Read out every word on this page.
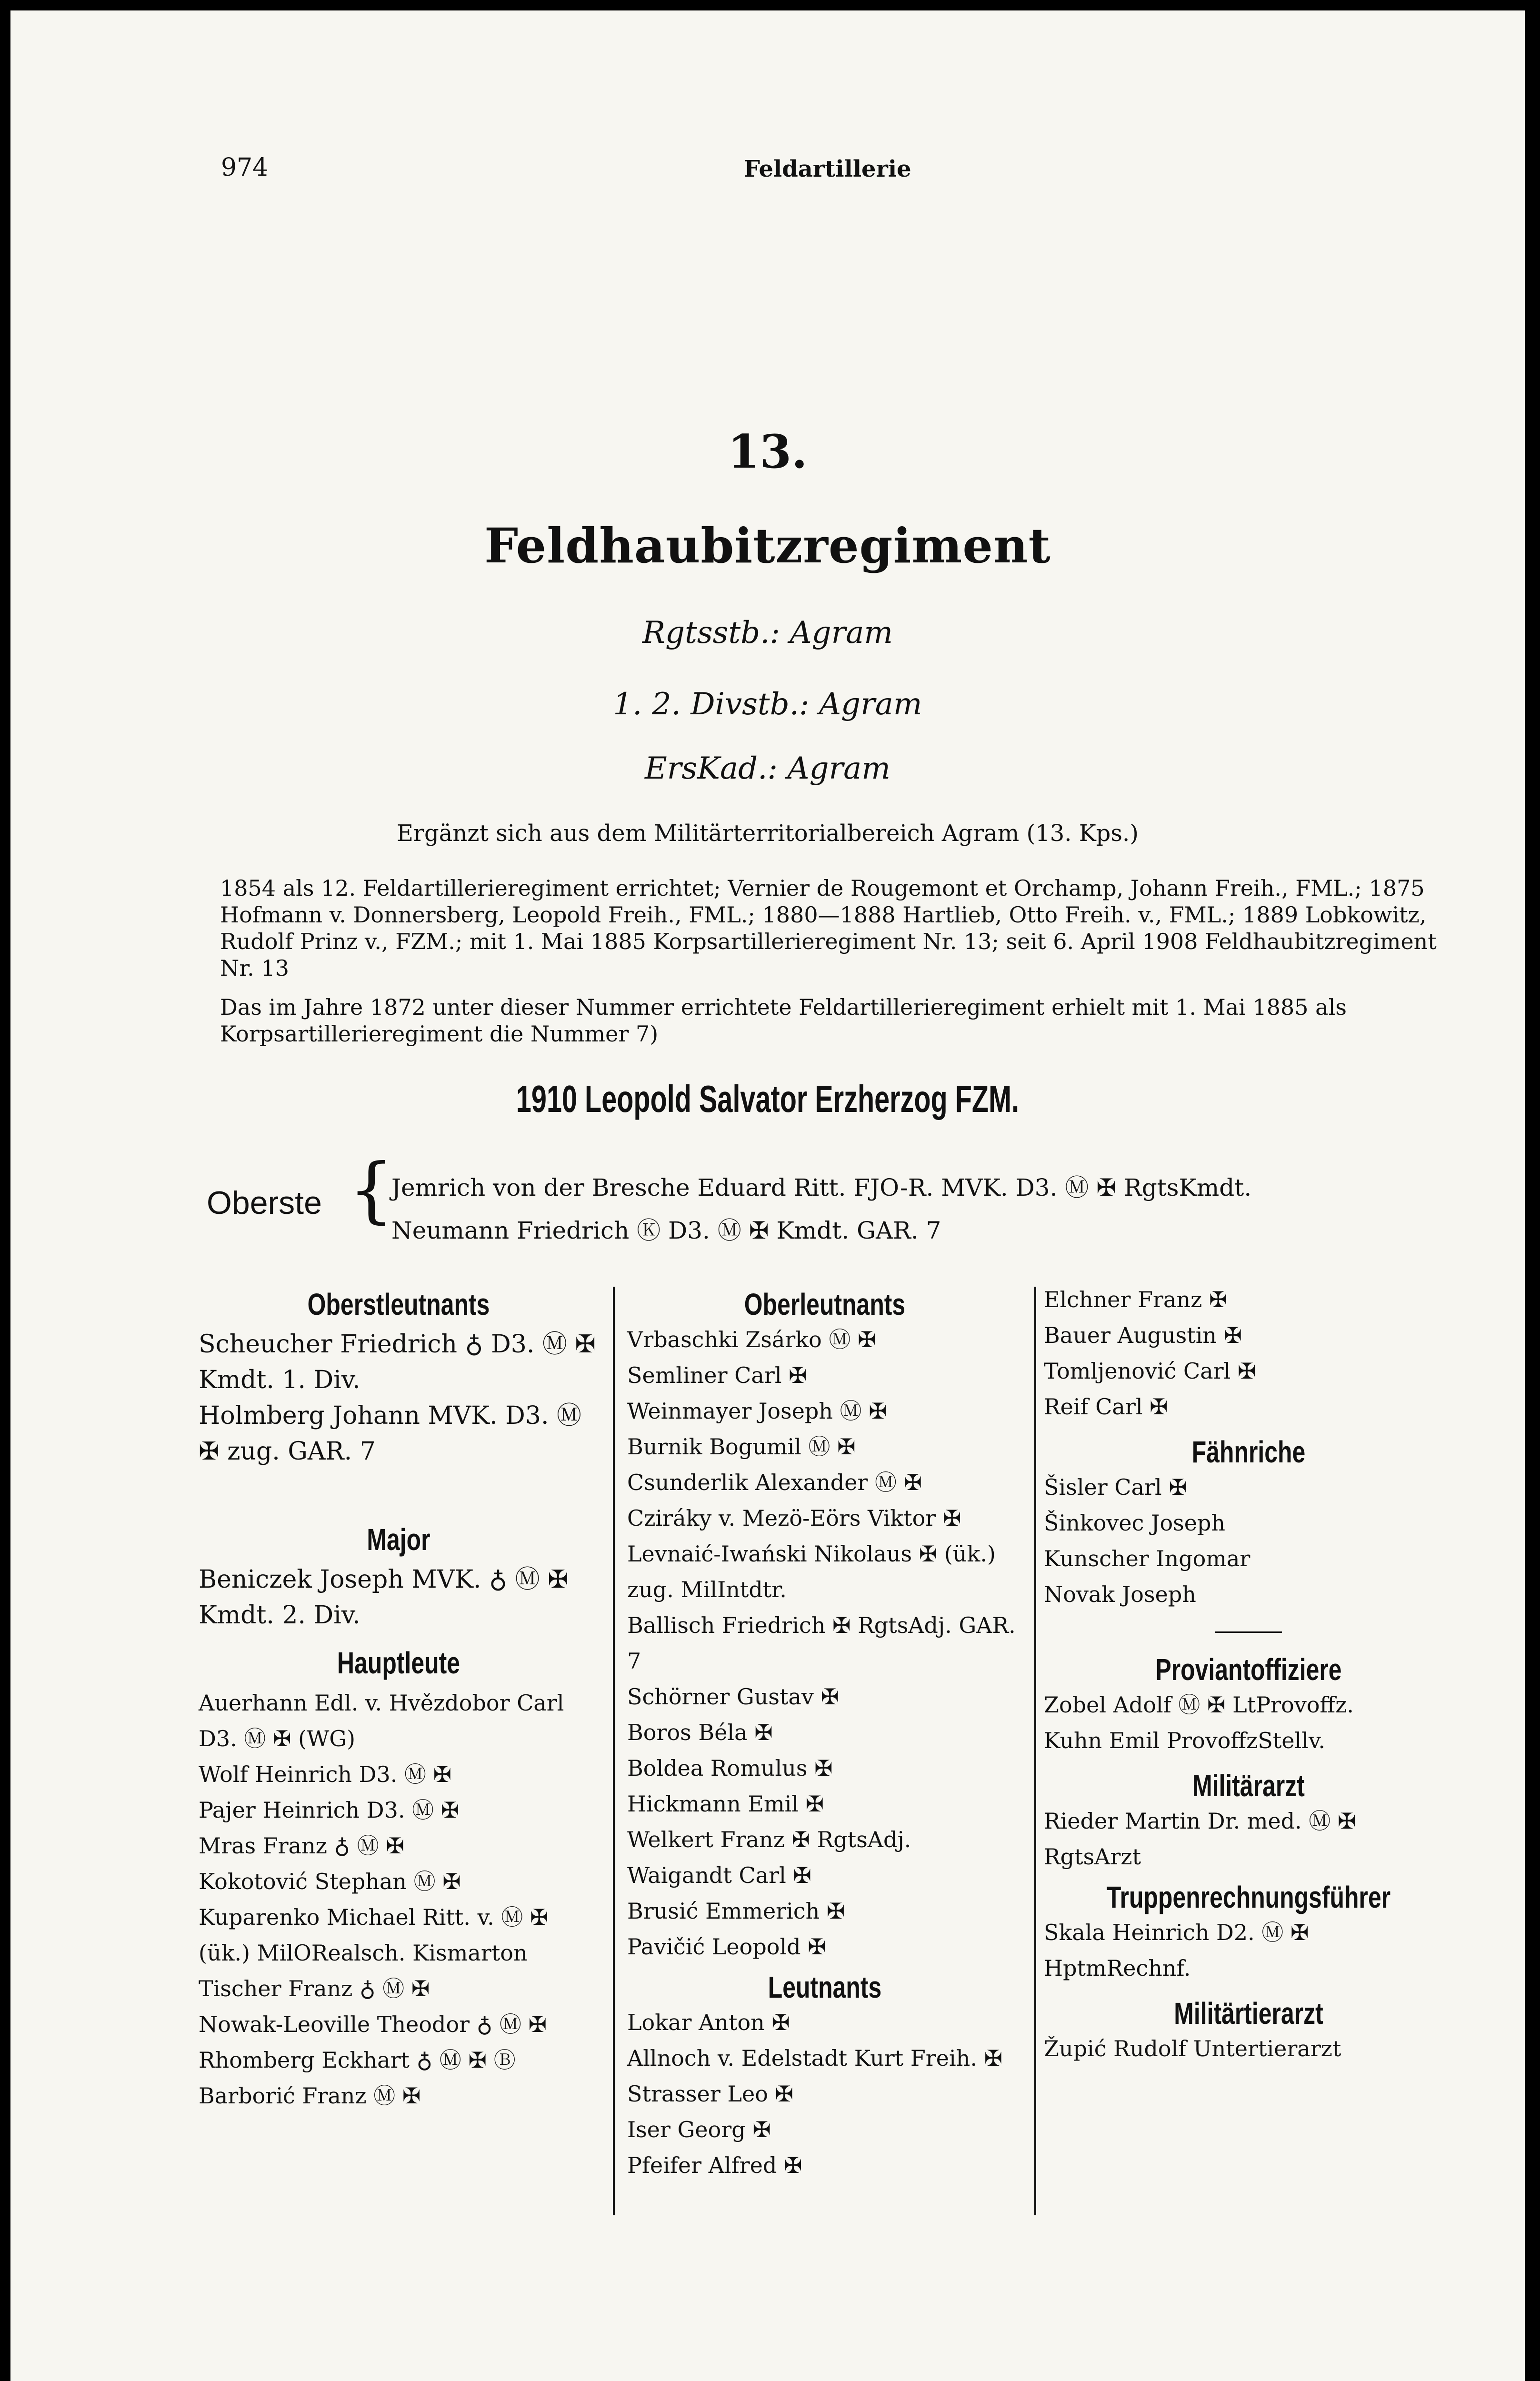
974	Feldartillerie
13.
Feldhaubitzregiment
Rgtsstb.: Agram
1. 2. Divstb.: Agram
ErsKad.: Agram
Ergänzt sich aus dem Militärterritorialbereich Agram (13. Kps.)
1854 als 12. Feldartillerieregiment errichtet; Vernier de Rougemont et Orchamp, Johann Freih., FML.; 1875 Hofmann v. Donnersberg, Leopold Freih., FML.; 1880—1888 Hartlieb, Otto Freih. v., FML.; 1889 Lobkowitz, Rudolf Prinz v., FZM.; mit 1. Mai 1885 Korpsartillerieregiment Nr. 13; seit 6. April 1908 Feldhaubitzregiment Nr. 13
Das im Jahre 1872 unter dieser Nummer errichtete Feldartillerieregiment erhielt mit 1. Mai 1885 als Korpsartillerieregiment die Nummer 7)
1910 Leopold Salvator Erzherzog FZM.
Oberste {
Jemrich von der Bresche Eduard Ritt. FJO-R. MVK. D3. Ⓜ ✠ RgtsKmdt.
Neumann Friedrich Ⓚ D3. Ⓜ ✠ Kmdt. GAR. 7
Oberstleutnants
Scheucher Friedrich ♁ D3. Ⓜ ✠ Kmdt. 1. Div.
Holmberg Johann MVK. D3. Ⓜ ✠ zug. GAR. 7
Major
Beniczek Joseph MVK. ♁ Ⓜ ✠ Kmdt. 2. Div.
Hauptleute
Auerhann Edl. v. Hvězdobor Carl D3. Ⓜ ✠ (WG)
Wolf Heinrich D3. Ⓜ ✠
Pajer Heinrich D3. Ⓜ ✠
Mras Franz ♁ Ⓜ ✠
Kokotović Stephan Ⓜ ✠
Kuparenko Michael Ritt. v. Ⓜ ✠ (ük.) MilORealsch. Kismarton
Tischer Franz ♁ Ⓜ ✠
Nowak-Leoville Theodor ♁ Ⓜ ✠
Rhomberg Eckhart ♁ Ⓜ ✠ Ⓑ
Barborić Franz Ⓜ ✠
Oberleutnants
Vrbaschki Zsárko Ⓜ ✠
Semliner Carl ✠
Weinmayer Joseph Ⓜ ✠
Burnik Bogumil Ⓜ ✠
Csunderlik Alexander Ⓜ ✠
Cziráky v. Mezö-Eörs Viktor ✠
Levnaić-Iwański Nikolaus ✠ (ük.) zug. MilIntdtr.
Ballisch Friedrich ✠ RgtsAdj. GAR. 7
Schörner Gustav ✠
Boros Béla ✠
Boldea Romulus ✠
Hickmann Emil ✠
Welkert Franz ✠ RgtsAdj.
Waigandt Carl ✠
Brusić Emmerich ✠
Pavičić Leopold ✠
Leutnants
Lokar Anton ✠
Allnoch v. Edelstadt Kurt Freih. ✠
Strasser Leo ✠
Iser Georg ✠
Pfeifer Alfred ✠
Elchner Franz ✠
Bauer Augustin ✠
Tomljenović Carl ✠
Reif Carl ✠
Fähnriche
Šisler Carl ✠
Šinkovec Joseph
Kunscher Ingomar
Novak Joseph
Proviantoffiziere
Zobel Adolf Ⓜ ✠ LtProvoffz.
Kuhn Emil ProvoffzStellv.
Militärarzt
Rieder Martin Dr. med. Ⓜ ✠ RgtsArzt
Truppenrechnungsführer
Skala Heinrich D2. Ⓜ ✠ HptmRechnf.
Militärtierarzt
Župić Rudolf Untertierarzt
